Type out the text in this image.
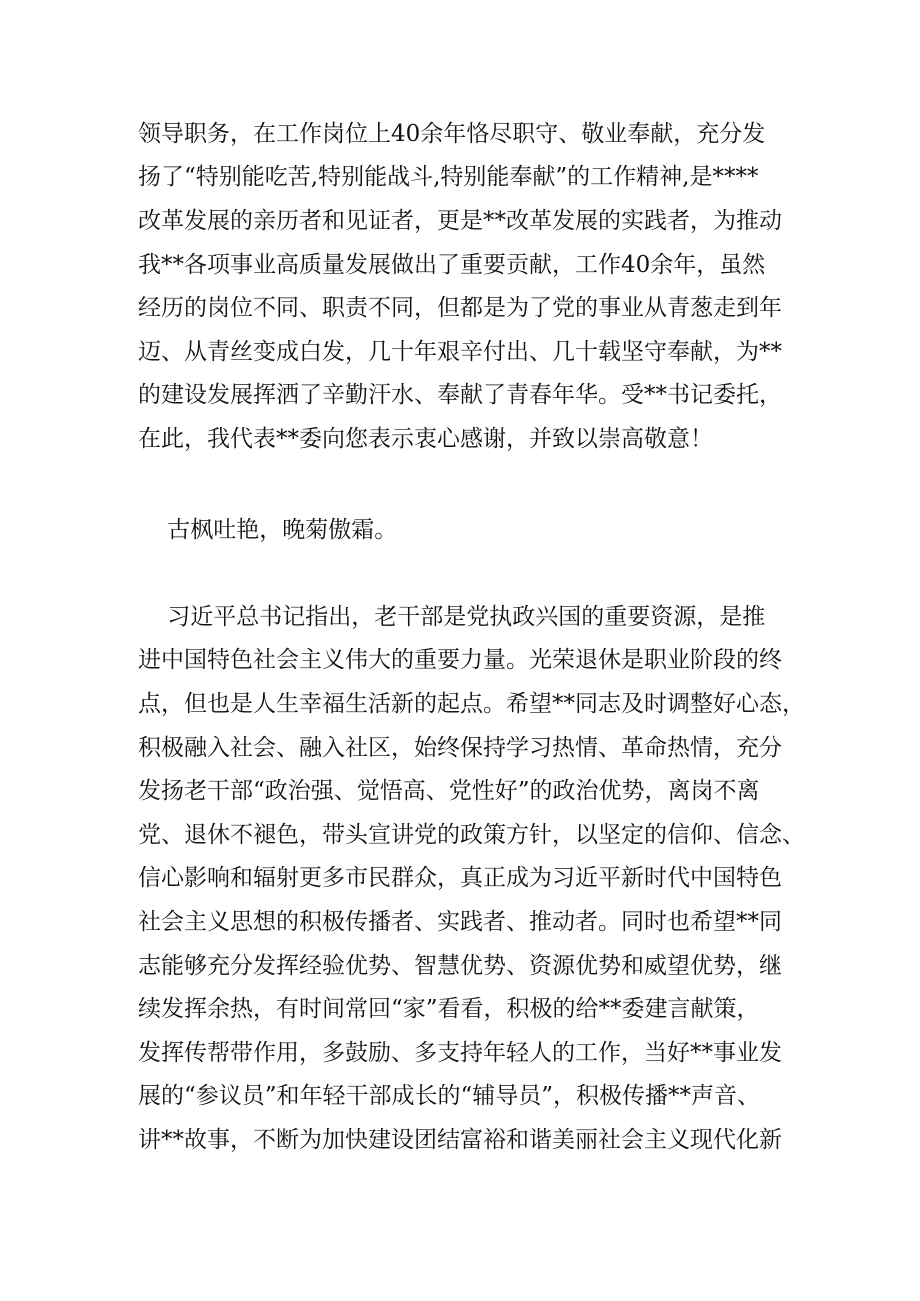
领导职务，在工作岗位上40余年恪尽职守、敬业奉献，充分发
扬了“特别能吃苦,特别能战斗,特别能奉献”的工作精神,是****
改革发展的亲历者和见证者，更是**改革发展的实践者，为推动
我**各项事业高质量发展做出了重要贡献，工作40余年，虽然
经历的岗位不同、职责不同，但都是为了党的事业从青葱走到年
迈、从青丝变成白发，几十年艰辛付出、几十载坚守奉献，为**
的建设发展挥洒了辛勤汗水、奉献了青春年华。受**书记委托，
在此，我代表**委向您表示衷心感谢，并致以崇高敬意！
古枫吐艳，晚菊傲霜。
习近平总书记指出，老干部是党执政兴国的重要资源，是推
进中国特色社会主义伟大的重要力量。光荣退休是职业阶段的终
点，但也是人生幸福生活新的起点。希望**同志及时调整好心态，
积极融入社会、融入社区，始终保持学习热情、革命热情，充分
发扬老干部“政治强、觉悟高、党性好”的政治优势，离岗不离
党、退休不褪色，带头宣讲党的政策方针，以坚定的信仰、信念、
信心影响和辐射更多市民群众，真正成为习近平新时代中国特色
社会主义思想的积极传播者、实践者、推动者。同时也希望**同
志能够充分发挥经验优势、智慧优势、资源优势和威望优势，继
续发挥余热，有时间常回“家”看看，积极的给**委建言献策，
发挥传帮带作用，多鼓励、多支持年轻人的工作，当好**事业发
展的“参议员”和年轻干部成长的“辅导员”，积极传播**声音、
讲**故事，不断为加快建设团结富裕和谐美丽社会主义现代化新
